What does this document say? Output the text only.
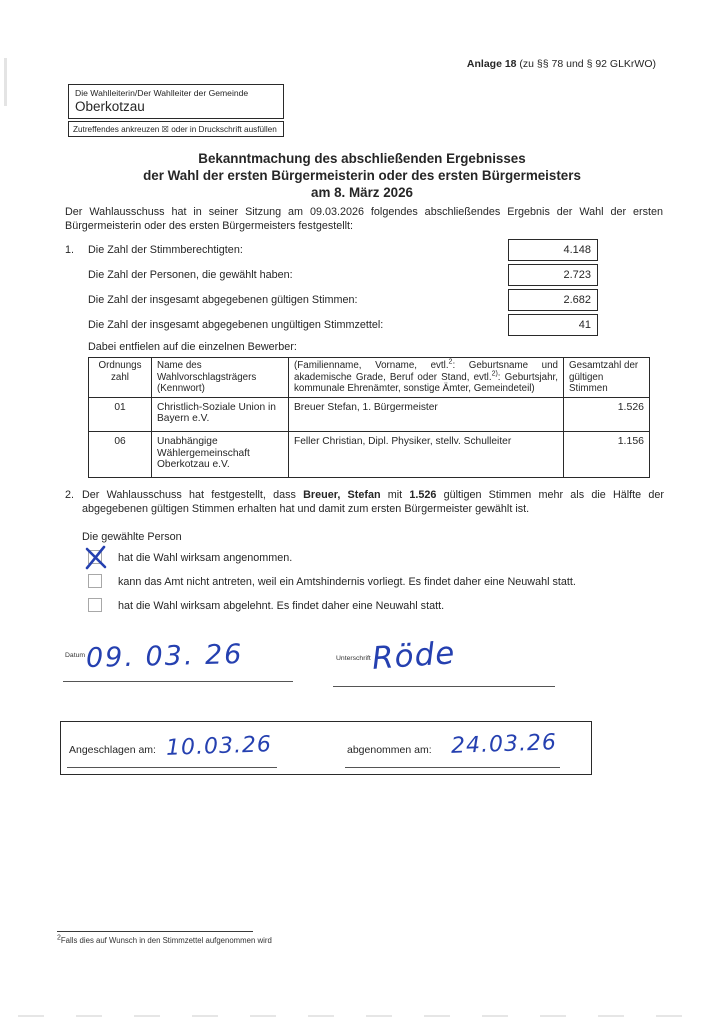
Anlage 18 (zu §§ 78 und § 92 GLKrWO)
Die Wahlleiterin/Der Wahlleiter der Gemeinde
Oberkotzau
Zutreffendes ankreuzen ☒ oder in Druckschrift ausfüllen
Bekanntmachung des abschließenden Ergebnisses
der Wahl der ersten Bürgermeisterin oder des ersten Bürgermeisters
am 8. März 2026
Der Wahlausschuss hat in seiner Sitzung am 09.03.2026 folgendes abschließendes Ergebnis der Wahl der ersten Bürgermeisterin oder des ersten Bürgermeisters festgestellt:
1. Die Zahl der Stimmberechtigten:	4.148
Die Zahl der Personen, die gewählt haben:	2.723
Die Zahl der insgesamt abgegebenen gültigen Stimmen:	2.682
Die Zahl der insgesamt abgegebenen ungültigen Stimmzettel:	41
Dabei entfielen auf die einzelnen Bewerber:
Ordnungs
zahl	Name des Wahlvorschlagsträgers (Kennwort)	(Familienname, Vorname, evtl.$^2$: Geburtsname und akademische Grade, Beruf oder Stand, evtl.$^{2)}$: Geburtsjahr, kommunale Ehrenämter, sonstige Ämter, Gemeindeteil)	Gesamtzahl der gültigen Stimmen
01	Christlich-Soziale Union in Bayern e.V.	Breuer Stefan, 1. Bürgermeister	1.526
06	Unabhängige Wählergemeinschaft Oberkotzau e.V.	Feller Christian, Dipl. Physiker, stellv. Schulleiter	1.156
2. Der Wahlausschuss hat festgestellt, dass Breuer, Stefan mit 1.526 gültigen Stimmen mehr als die Hälfte der abgegebenen gültigen Stimmen erhalten hat und damit zum ersten Bürgermeister gewählt ist.
Die gewählte Person
hat die Wahl wirksam angenommen.
kann das Amt nicht antreten, weil ein Amtshindernis vorliegt. Es findet daher eine Neuwahl statt.
hat die Wahl wirksam abgelehnt. Es findet daher eine Neuwahl statt.
Datum 09. 03. 26	Unterschrift Röde
Angeschlagen am: 10.03.26	abgenommen am: 24.03.26
$^2$Falls dies auf Wunsch in den Stimmzettel aufgenommen wird
